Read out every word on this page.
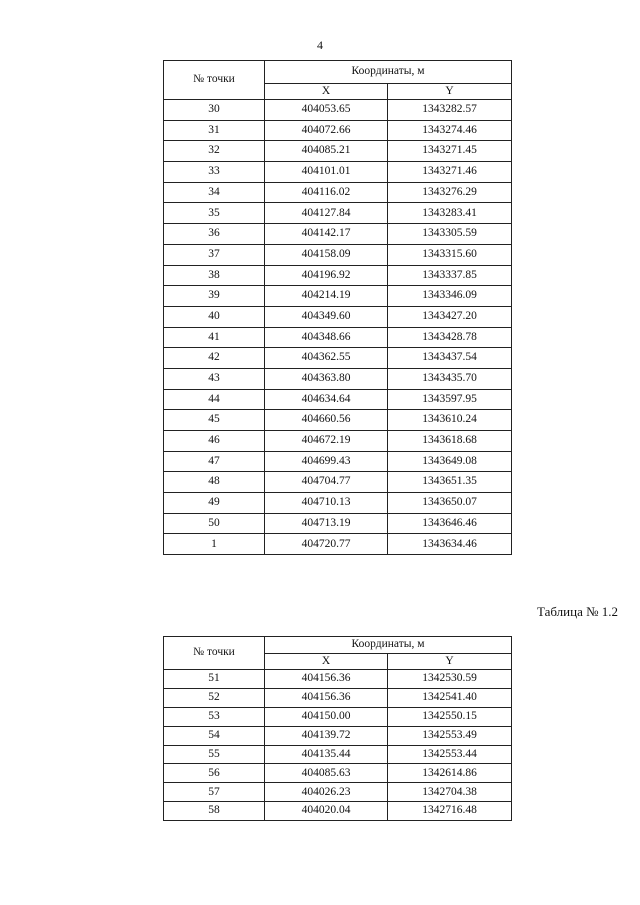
4
№ точки	Координаты, м	
	X	Y
30	404053.65	1343282.57
31	404072.66	1343274.46
32	404085.21	1343271.45
33	404101.01	1343271.46
34	404116.02	1343276.29
35	404127.84	1343283.41
36	404142.17	1343305.59
37	404158.09	1343315.60
38	404196.92	1343337.85
39	404214.19	1343346.09
40	404349.60	1343427.20
41	404348.66	1343428.78
42	404362.55	1343437.54
43	404363.80	1343435.70
44	404634.64	1343597.95
45	404660.56	1343610.24
46	404672.19	1343618.68
47	404699.43	1343649.08
48	404704.77	1343651.35
49	404710.13	1343650.07
50	404713.19	1343646.46
1	404720.77	1343634.46
Таблица № 1.2
№ точки	Координаты, м	
	X	Y
51	404156.36	1342530.59
52	404156.36	1342541.40
53	404150.00	1342550.15
54	404139.72	1342553.49
55	404135.44	1342553.44
56	404085.63	1342614.86
57	404026.23	1342704.38
58	404020.04	1342716.48
